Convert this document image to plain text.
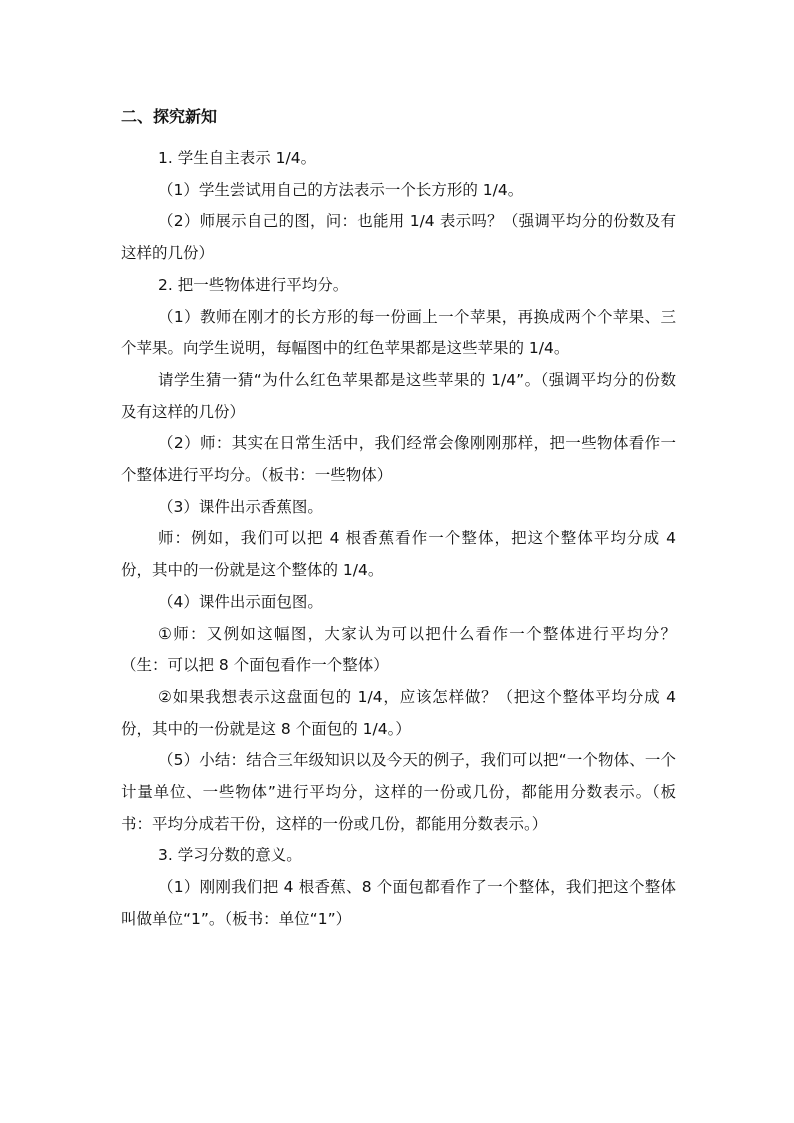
二、探究新知

1. 学生自主表示 1/4。

（1）学生尝试用自己的方法表示一个长方形的 1/4。

（2）师展示自己的图，问：也能用 1/4 表示吗？（强调平均分的份数及有这样的几份）

2. 把一些物体进行平均分。

（1）教师在刚才的长方形的每一份画上一个苹果，再换成两个个苹果、三个苹果。向学生说明，每幅图中的红色苹果都是这些苹果的 1/4。

请学生猜一猜“为什么红色苹果都是这些苹果的 1/4”。（强调平均分的份数及有这样的几份）

（2）师：其实在日常生活中，我们经常会像刚刚那样，把一些物体看作一个整体进行平均分。（板书：一些物体）

（3）课件出示香蕉图。

师：例如，我们可以把 4 根香蕉看作一个整体，把这个整体平均分成 4 份，其中的一份就是这个整体的 1/4。

（4）课件出示面包图。

①师：又例如这幅图，大家认为可以把什么看作一个整体进行平均分？（生：可以把 8 个面包看作一个整体）

②如果我想表示这盘面包的 1/4，应该怎样做？（把这个整体平均分成 4 份，其中的一份就是这 8 个面包的 1/4。）

（5）小结：结合三年级知识以及今天的例子，我们可以把“一个物体、一个计量单位、一些物体”进行平均分，这样的一份或几份，都能用分数表示。（板书：平均分成若干份，这样的一份或几份，都能用分数表示。）

3. 学习分数的意义。

（1）刚刚我们把 4 根香蕉、8 个面包都看作了一个整体，我们把这个整体叫做单位“1”。（板书：单位“1”）
